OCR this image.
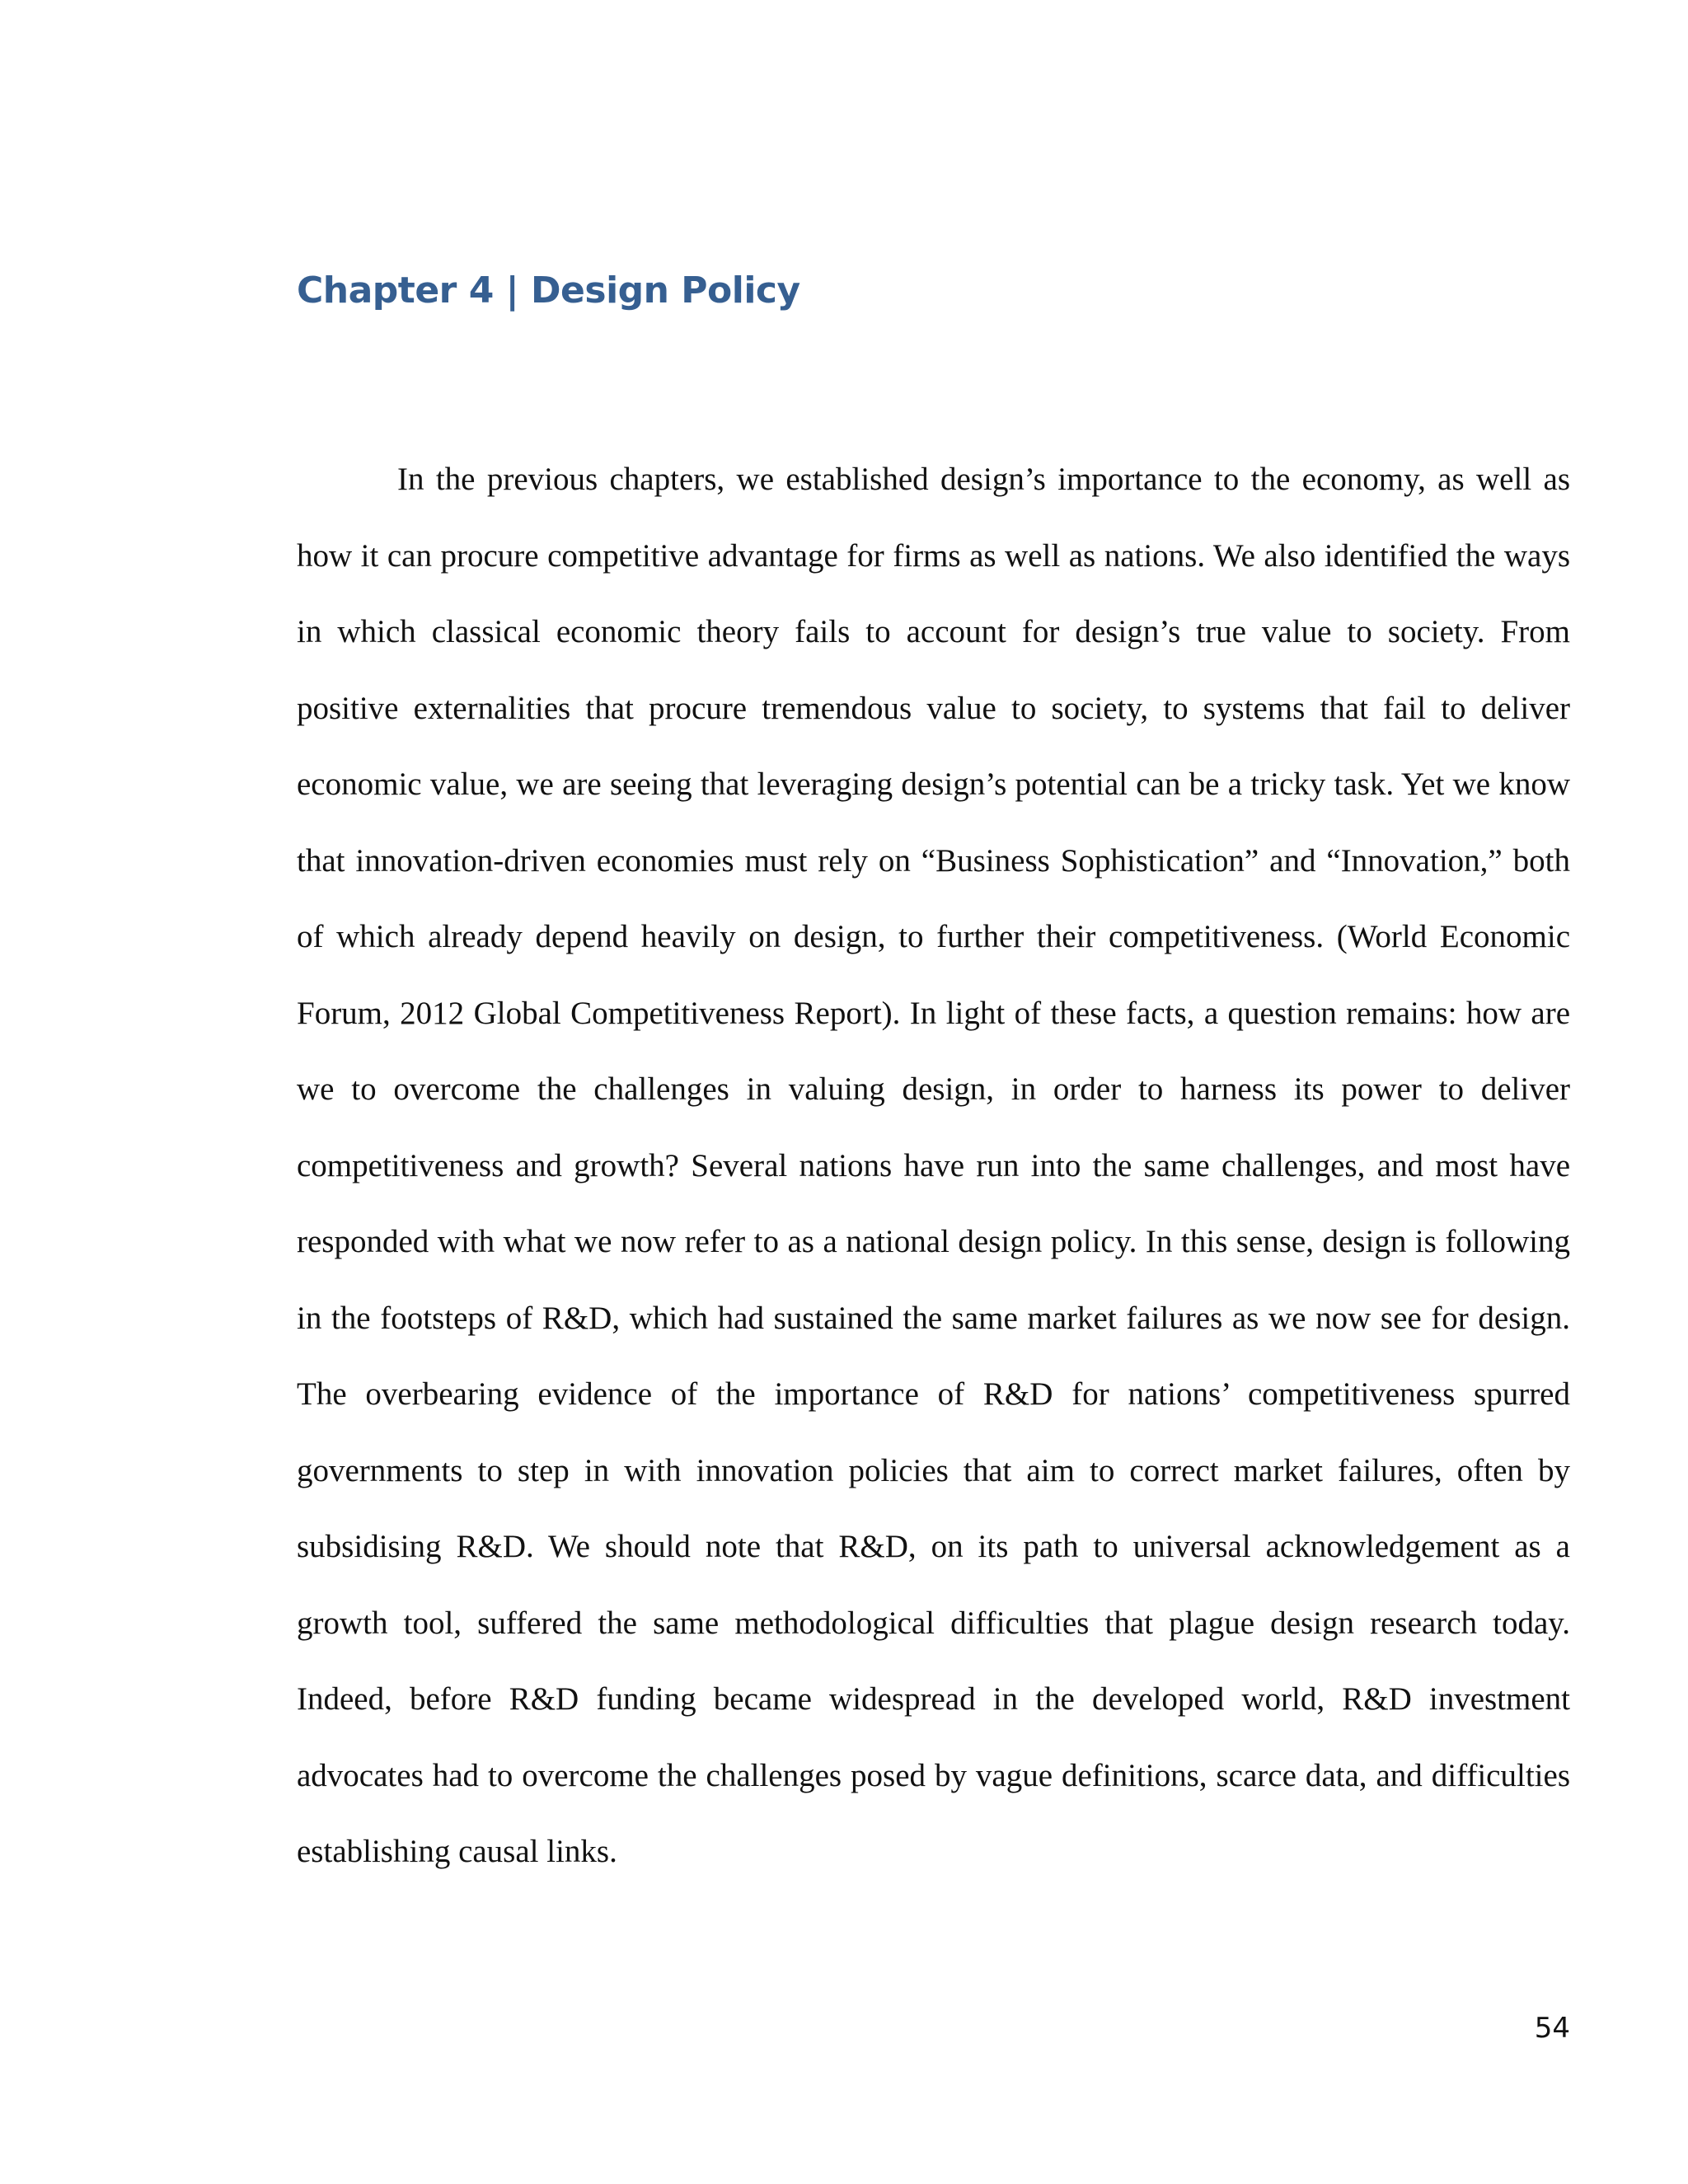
Chapter 4 | Design Policy

In the previous chapters, we established design’s importance to the economy, as well as how it can procure competitive advantage for firms as well as nations. We also identified the ways in which classical economic theory fails to account for design’s true value to society. From positive externalities that procure tremendous value to society, to systems that fail to deliver economic value, we are seeing that leveraging design’s potential can be a tricky task. Yet we know that innovation-driven economies must rely on “Business Sophistication” and “Innovation,” both of which already depend heavily on design, to further their competitiveness. (World Economic Forum, 2012 Global Competitiveness Report). In light of these facts, a question remains: how are we to overcome the challenges in valuing design, in order to harness its power to deliver competitiveness and growth? Several nations have run into the same challenges, and most have responded with what we now refer to as a national design policy. In this sense, design is following in the footsteps of R&D, which had sustained the same market failures as we now see for design. The overbearing evidence of the importance of R&D for nations’ competitiveness spurred governments to step in with innovation policies that aim to correct market failures, often by subsidising R&D. We should note that R&D, on its path to universal acknowledgement as a growth tool, suffered the same methodological difficulties that plague design research today. Indeed, before R&D funding became widespread in the developed world, R&D investment advocates had to overcome the challenges posed by vague definitions, scarce data, and difficulties establishing causal links.

54
